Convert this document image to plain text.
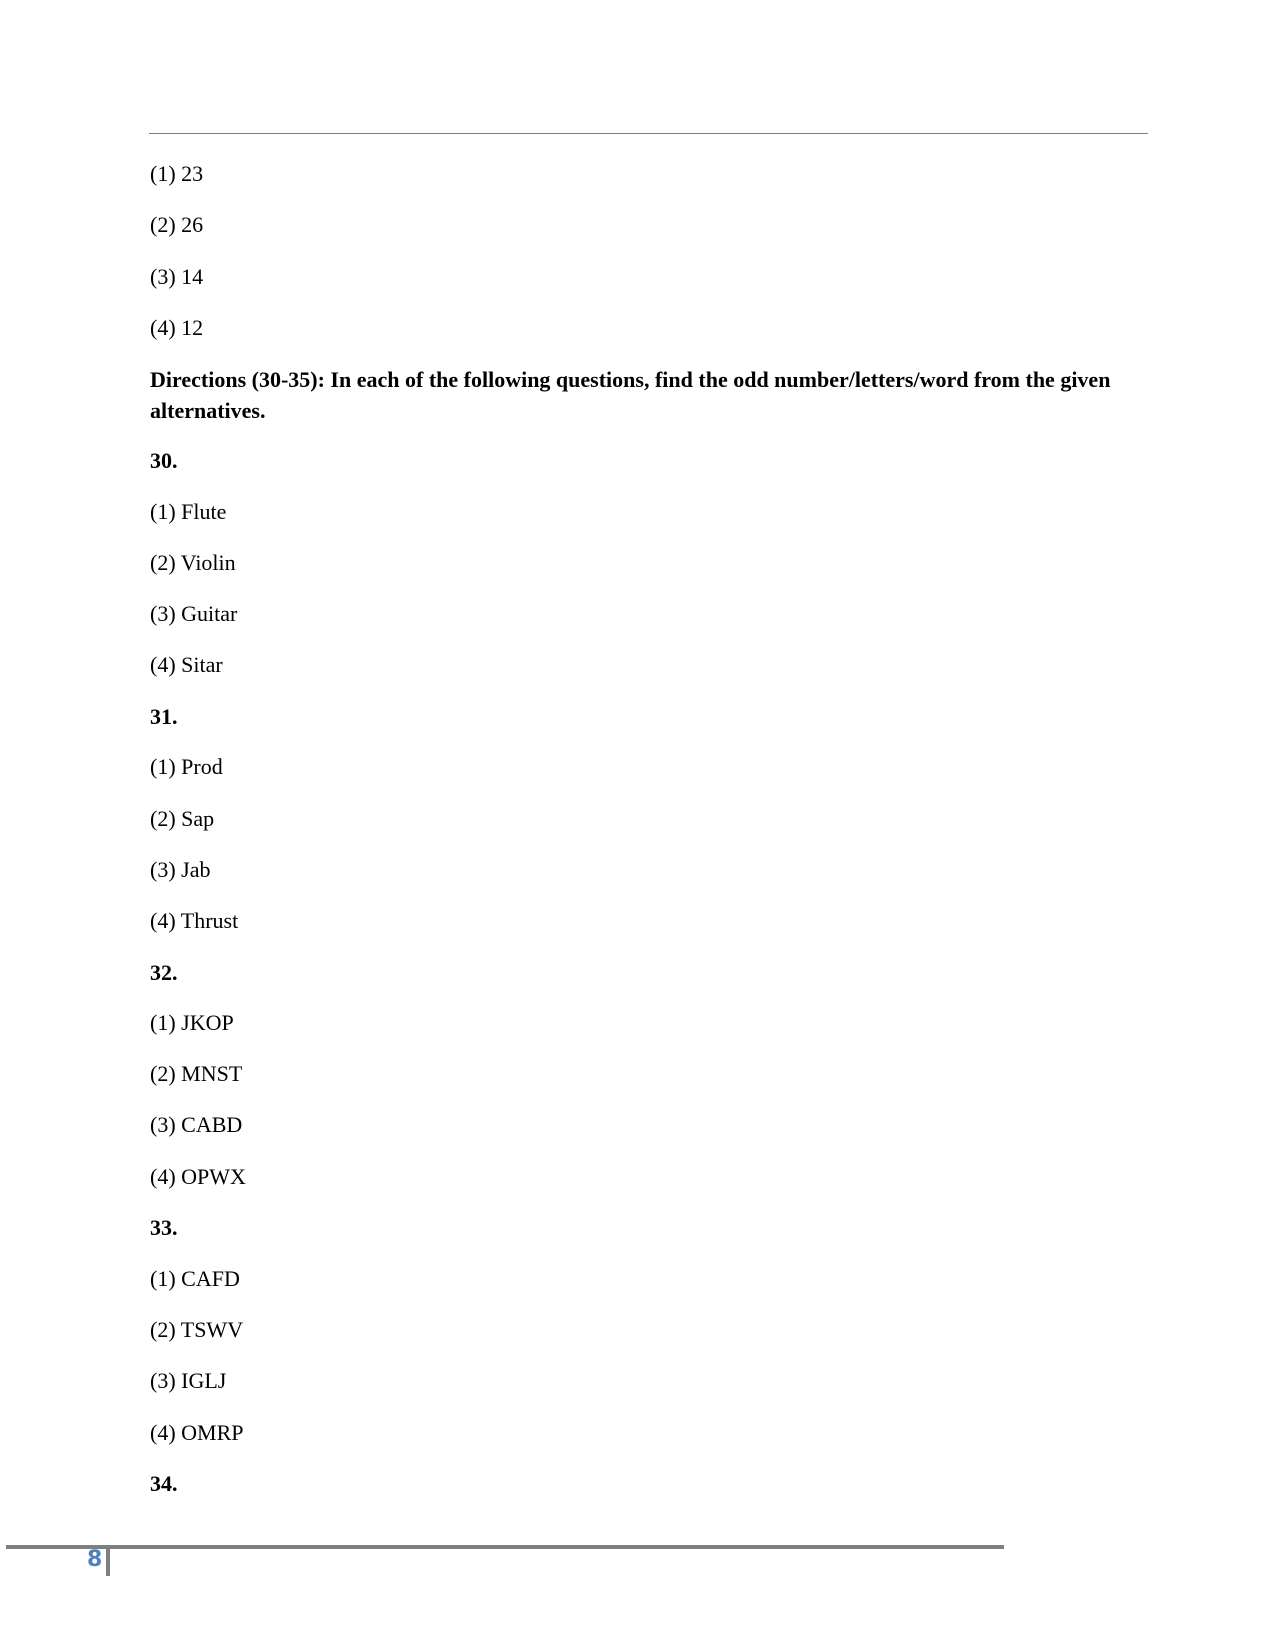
(1) 23
(2) 26
(3) 14
(4) 12
Directions (30-35): In each of the following questions, find the odd number/letters/word from the given alternatives.
30.
(1) Flute
(2) Violin
(3) Guitar
(4) Sitar
31.
(1) Prod
(2) Sap
(3) Jab
(4) Thrust
32.
(1) JKOP
(2) MNST
(3) CABD
(4) OPWX
33.
(1) CAFD
(2) TSWV
(3) IGLJ
(4) OMRP
34.
8
